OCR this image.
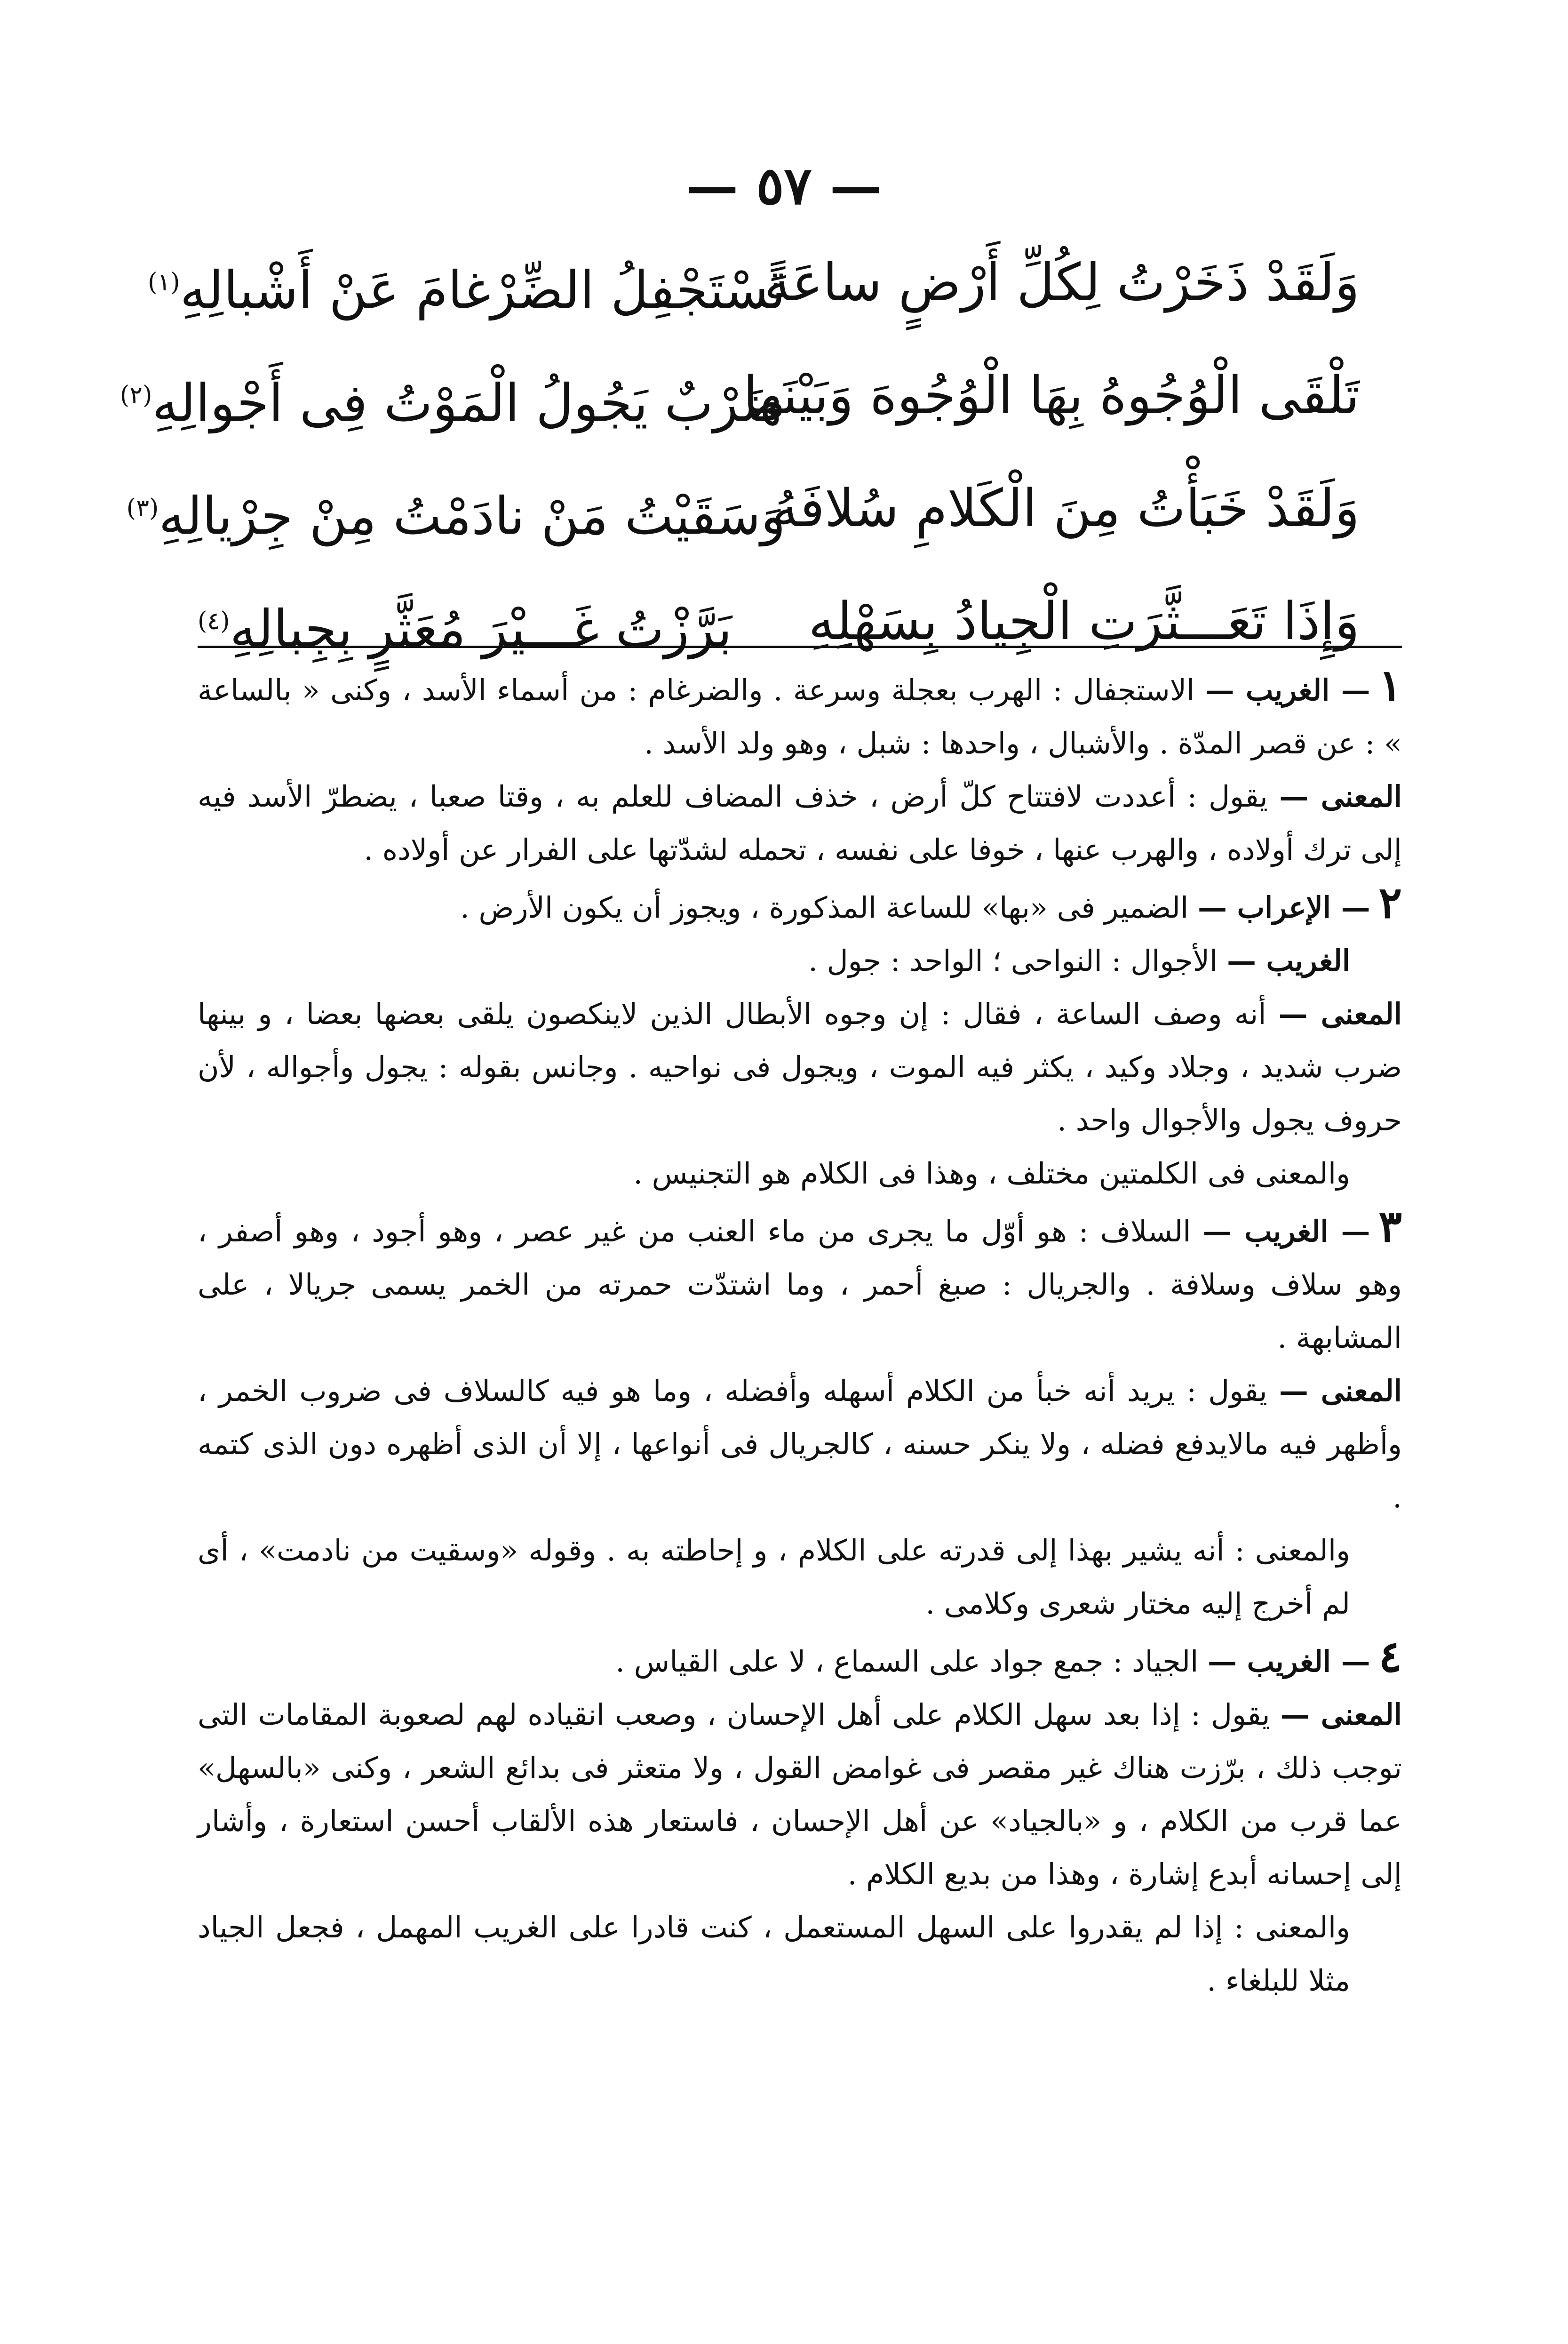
— ٥٧ —
وَلَقَدْ ذَخَرْتُ لِكُلِّ أَرْضٍ ساعَةً
تَسْتَجْفِلُ الضِّرْغامَ عَنْ أَشْبالِهِ$^{(١)}$
تَلْقَى الْوُجُوهُ بِهَا الْوُجُوهَ وَبَيْنَها
ضَرْبٌ يَجُولُ الْمَوْتُ فِى أَجْوالِهِ$^{(٢)}$
وَلَقَدْ خَبَأْتُ مِنَ الْكَلامِ سُلافَهُ
وَسَقَيْتُ مَنْ نادَمْتُ مِنْ جِرْيالِهِ$^{(٣)}$
وَإِذَا تَعَـــثَّرَتِ الْجِيادُ بِسَهْلِهِ
بَرَّزْتُ غَـــيْرَ مُعَثَّرٍ بِجِبالِهِ$^{(٤)}$

١— الغريب — الاستجفال : الهرب بعجلة وسرعة . والضرغام : من أسماء الأسد ، وكنى « بالساعة » : عن قصر المدّة . والأشبال ، واحدها : شبل ، وهو ولد الأسد .

المعنى — يقول : أعددت لافتتاح كلّ أرض ، خذف المضاف للعلم به ، وقتا صعبا ، يضطرّ الأسد فيه إلى ترك أولاده ، والهرب عنها ، خوفا على نفسه ، تحمله لشدّتها على الفرار عن أولاده .

٢— الإعراب — الضمير فى «بها» للساعة المذكورة ، ويجوز أن يكون الأرض .

الغريب — الأجوال : النواحى ؛ الواحد : جول .

المعنى — أنه وصف الساعة ، فقال : إن وجوه الأبطال الذين لاينكصون يلقى بعضها بعضا ، و بينها ضرب شديد ، وجلاد وكيد ، يكثر فيه الموت ، ويجول فى نواحيه . وجانس بقوله : يجول وأجواله ، لأن حروف يجول والأجوال واحد .

والمعنى فى الكلمتين مختلف ، وهذا فى الكلام هو التجنيس .

٣— الغريب — السلاف : هو أوّل ما يجرى من ماء العنب من غير عصر ، وهو أجود ، وهو أصفر ، وهو سلاف وسلافة . والجريال : صبغ أحمر ، وما اشتدّت حمرته من الخمر يسمى جريالا ، على المشابهة .

المعنى — يقول : يريد أنه خبأ من الكلام أسهله وأفضله ، وما هو فيه كالسلاف فى ضروب الخمر ، وأظهر فيه مالايدفع فضله ، ولا ينكر حسنه ، كالجريال فى أنواعها ، إلا أن الذى أظهره دون الذى كتمه .

والمعنى : أنه يشير بهذا إلى قدرته على الكلام ، و إحاطته به . وقوله «وسقيت من نادمت» ، أى لم أخرج إليه مختار شعرى وكلامى .

٤— الغريب — الجياد : جمع جواد على السماع ، لا على القياس .

المعنى — يقول : إذا بعد سهل الكلام على أهل الإحسان ، وصعب انقياده لهم لصعوبة المقامات التى توجب ذلك ، برّزت هناك غير مقصر فى غوامض القول ، ولا متعثر فى بدائع الشعر ، وكنى «بالسهل» عما قرب من الكلام ، و «بالجياد» عن أهل الإحسان ، فاستعار هذه الألقاب أحسن استعارة ، وأشار إلى إحسانه أبدع إشارة ، وهذا من بديع الكلام .

والمعنى : إذا لم يقدروا على السهل المستعمل ، كنت قادرا على الغريب المهمل ، فجعل الجياد مثلا للبلغاء .
